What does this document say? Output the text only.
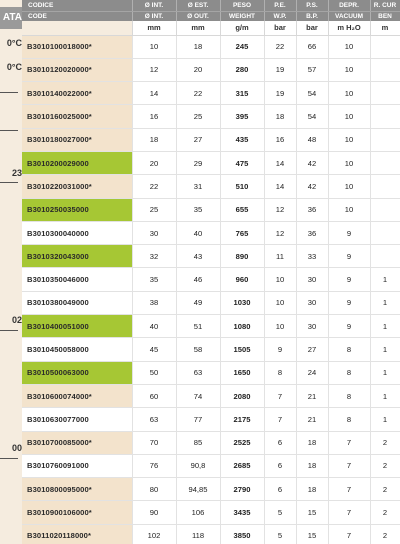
ATA
0°C
0°C
23
02
00
CODICE	Ø INT.	Ø EST.	PESO	P.E.	P.S.	DEPR.	R. CUR
CODE	Ø INT.	Ø OUT.	WEIGHT	W.P.	B.P.	VACUUM	BEN
	mm	mm	g/m	bar	bar	m H₂O	m
B3010100018000*	10	18	245	22	66	10	
B3010120020000*	12	20	280	19	57	10	
B3010140022000*	14	22	315	19	54	10	
B3010160025000*	16	25	395	18	54	10	
B3010180027000*	18	27	435	16	48	10	
B3010200029000	20	29	475	14	42	10	
B3010220031000*	22	31	510	14	42	10	
B3010250035000	25	35	655	12	36	10	
B3010300040000	30	40	765	12	36	9	
B3010320043000	32	43	890	11	33	9	
B3010350046000	35	46	960	10	30	9	1
B3010380049000	38	49	1030	10	30	9	1
B3010400051000	40	51	1080	10	30	9	1
B3010450058000	45	58	1505	9	27	8	1
B3010500063000	50	63	1650	8	24	8	1
B3010600074000*	60	74	2080	7	21	8	1
B3010630077000	63	77	2175	7	21	8	1
B3010700085000*	70	85	2525	6	18	7	2
B3010760091000	76	90,8	2685	6	18	7	2
B3010800095000*	80	94,85	2790	6	18	7	2
B3010900106000*	90	106	3435	5	15	7	2
B3011020118000*	102	118	3850	5	15	7	2
